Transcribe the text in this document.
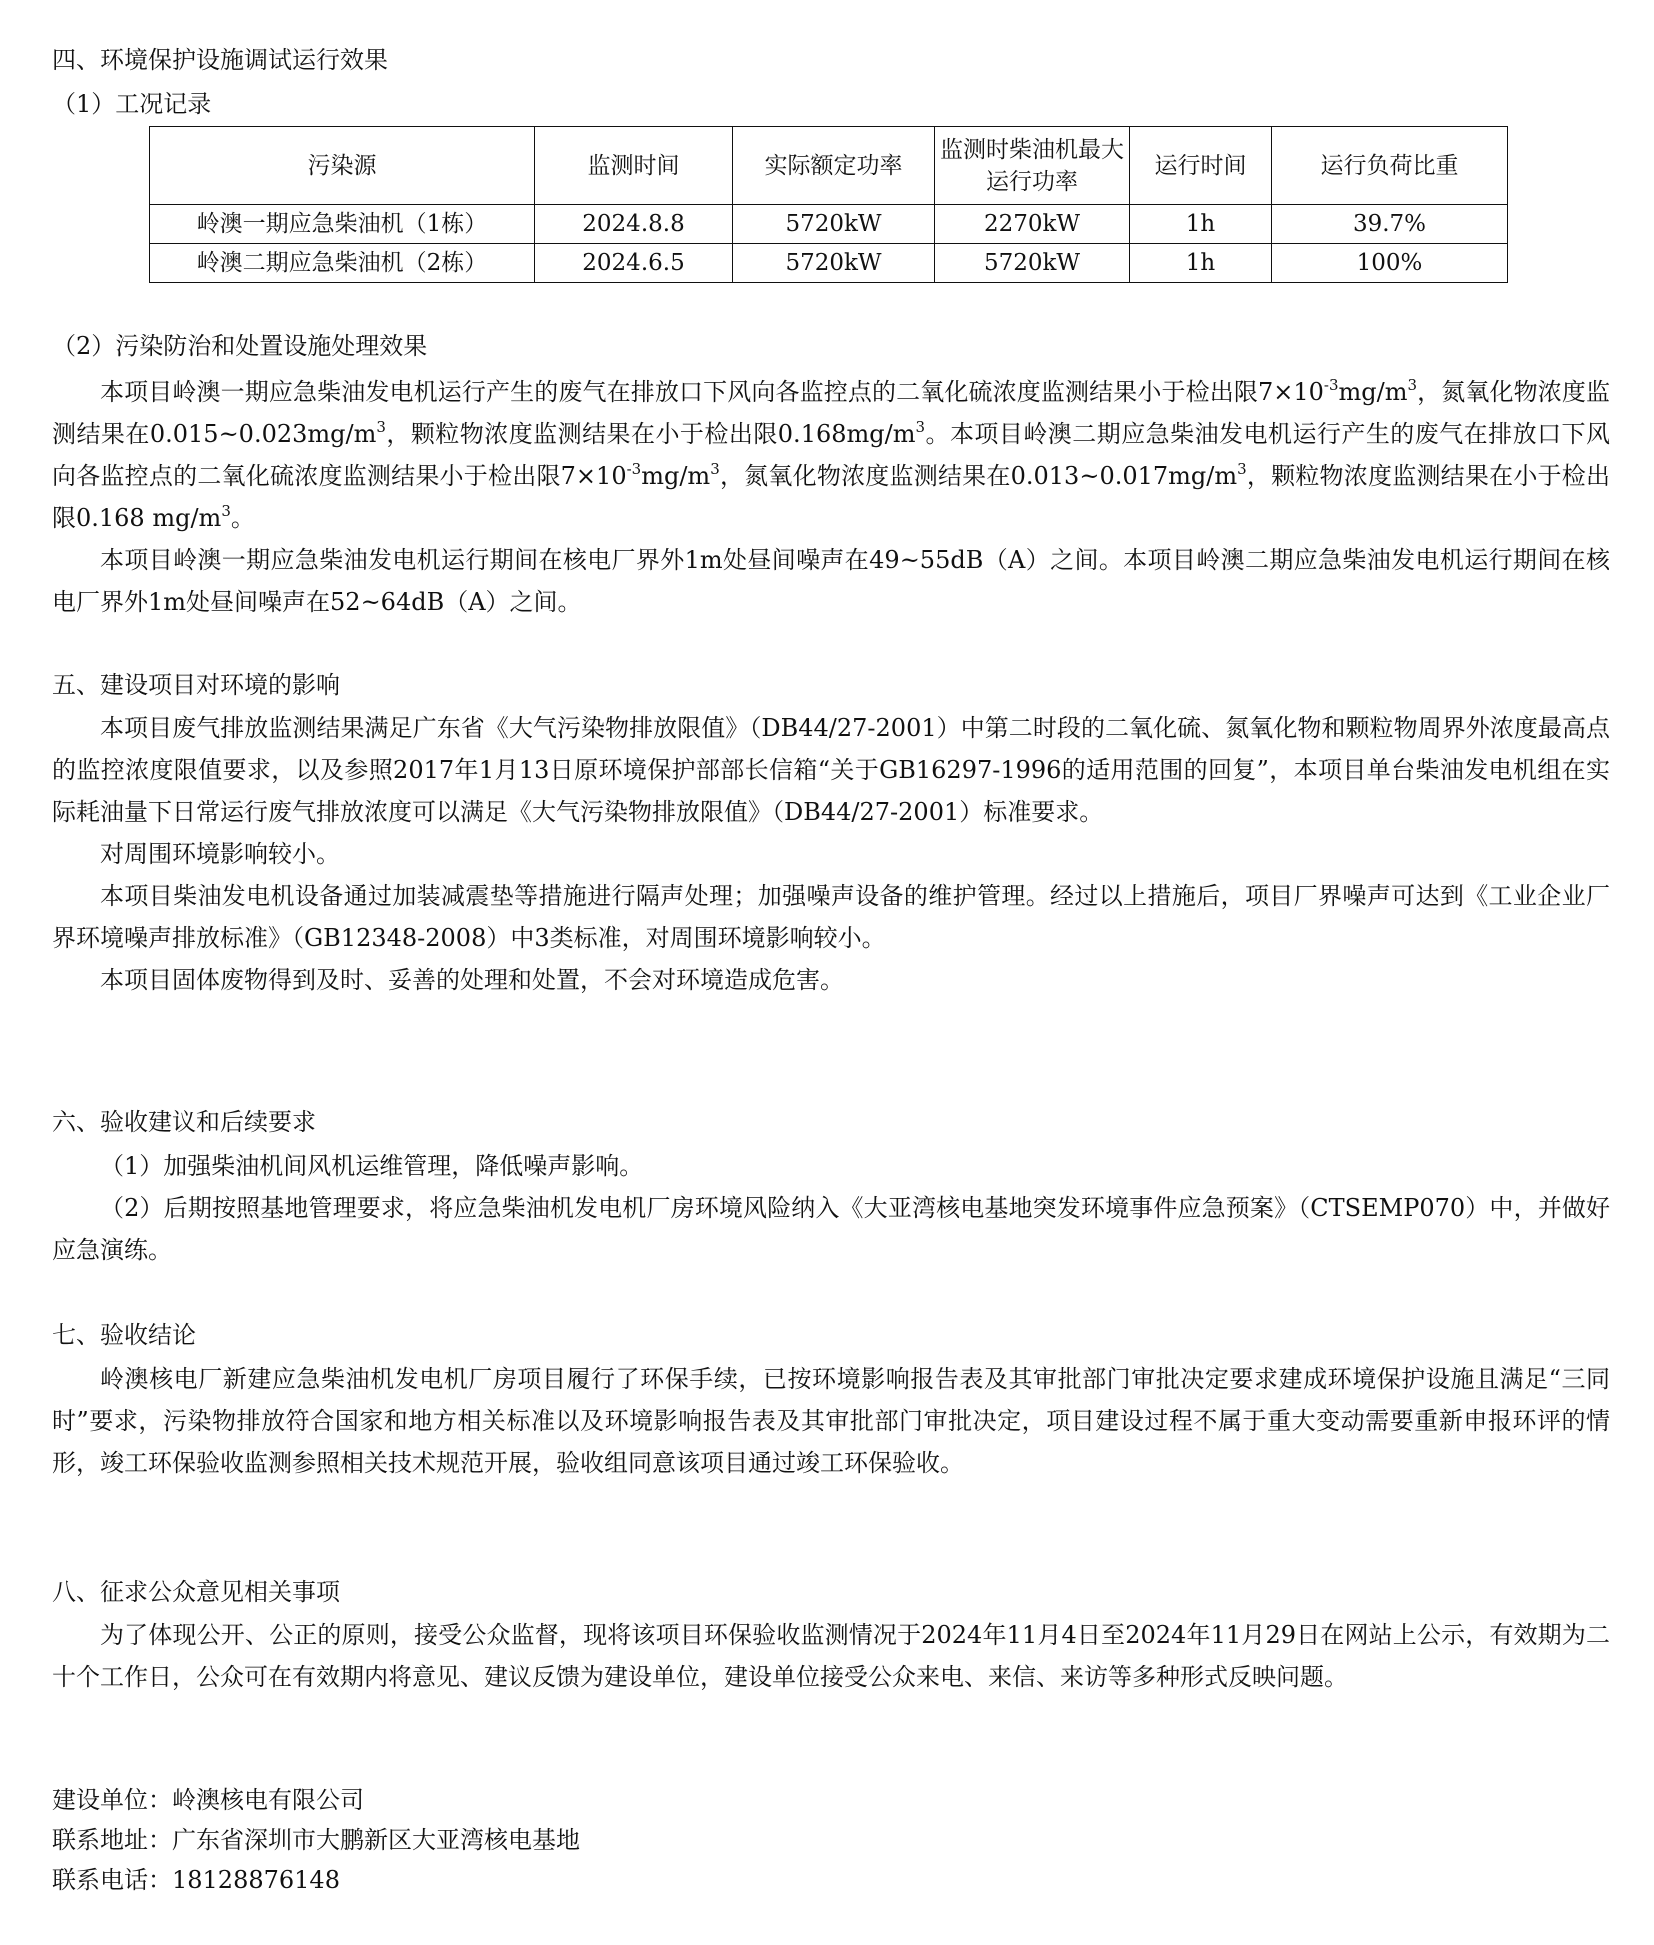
四、环境保护设施调试运行效果
（1）工况记录
污染源	监测时间	实际额定功率	监测时柴油机最大运行功率	运行时间	运行负荷比重
岭澳一期应急柴油机（1栋）	2024.8.8	5720kW	2270kW	1h	39.7%
岭澳二期应急柴油机（2栋）	2024.6.5	5720kW	5720kW	1h	100%
（2）污染防治和处置设施处理效果

本项目岭澳一期应急柴油发电机运行产生的废气在排放口下风向各监控点的二氧化硫浓度监测结果小于检出限$7\times 10^{-3}mg/m^3$，氮氧化物浓度监测结果在$0.015\sim 0.023mg/m^3$，颗粒物浓度监测结果在小于检出限$0.168mg/m^3$。本项目岭澳二期应急柴油发电机运行产生的废气在排放口下风向各监控点的二氧化硫浓度监测结果小于检出限$7\times 10^{-3}mg/m^3$，氮氧化物浓度监测结果在$0.013\sim 0.017mg/m^3$，颗粒物浓度监测结果在小于检出限0.168 $mg/m^3$。

本项目岭澳一期应急柴油发电机运行期间在核电厂界外1m处昼间噪声在49~55dB（A）之间。本项目岭澳二期应急柴油发电机运行期间在核电厂界外1m处昼间噪声在52~64dB（A）之间。

五、建设项目对环境的影响

本项目废气排放监测结果满足广东省《大气污染物排放限值》（DB44/27-2001）中第二时段的二氧化硫、氮氧化物和颗粒物周界外浓度最高点的监控浓度限值要求，以及参照2017年1月13日原环境保护部部长信箱“关于GB16297-1996的适用范围的回复”，本项目单台柴油发电机组在实际耗油量下日常运行废气排放浓度可以满足《大气污染物排放限值》（DB44/27-2001）标准要求。

对周围环境影响较小。

本项目柴油发电机设备通过加装减震垫等措施进行隔声处理；加强噪声设备的维护管理。经过以上措施后，项目厂界噪声可达到《工业企业厂界环境噪声排放标准》（GB12348-2008）中3类标准，对周围环境影响较小。

本项目固体废物得到及时、妥善的处理和处置，不会对环境造成危害。

六、验收建议和后续要求

（1）加强柴油机间风机运维管理，降低噪声影响。

（2）后期按照基地管理要求，将应急柴油机发电机厂房环境风险纳入《大亚湾核电基地突发环境事件应急预案》（CTSEMP070）中，并做好应急演练。

七、验收结论

岭澳核电厂新建应急柴油机发电机厂房项目履行了环保手续，已按环境影响报告表及其审批部门审批决定要求建成环境保护设施且满足“三同时”要求，污染物排放符合国家和地方相关标准以及环境影响报告表及其审批部门审批决定，项目建设过程不属于重大变动需要重新申报环评的情形，竣工环保验收监测参照相关技术规范开展，验收组同意该项目通过竣工环保验收。

八、征求公众意见相关事项

为了体现公开、公正的原则，接受公众监督，现将该项目环保验收监测情况于2024年11月4日至2024年11月29日在网站上公示，有效期为二十个工作日，公众可在有效期内将意见、建议反馈为建设单位，建设单位接受公众来电、来信、来访等多种形式反映问题。

建设单位：岭澳核电有限公司
联系地址：广东省深圳市大鹏新区大亚湾核电基地
联系电话：18128876148
